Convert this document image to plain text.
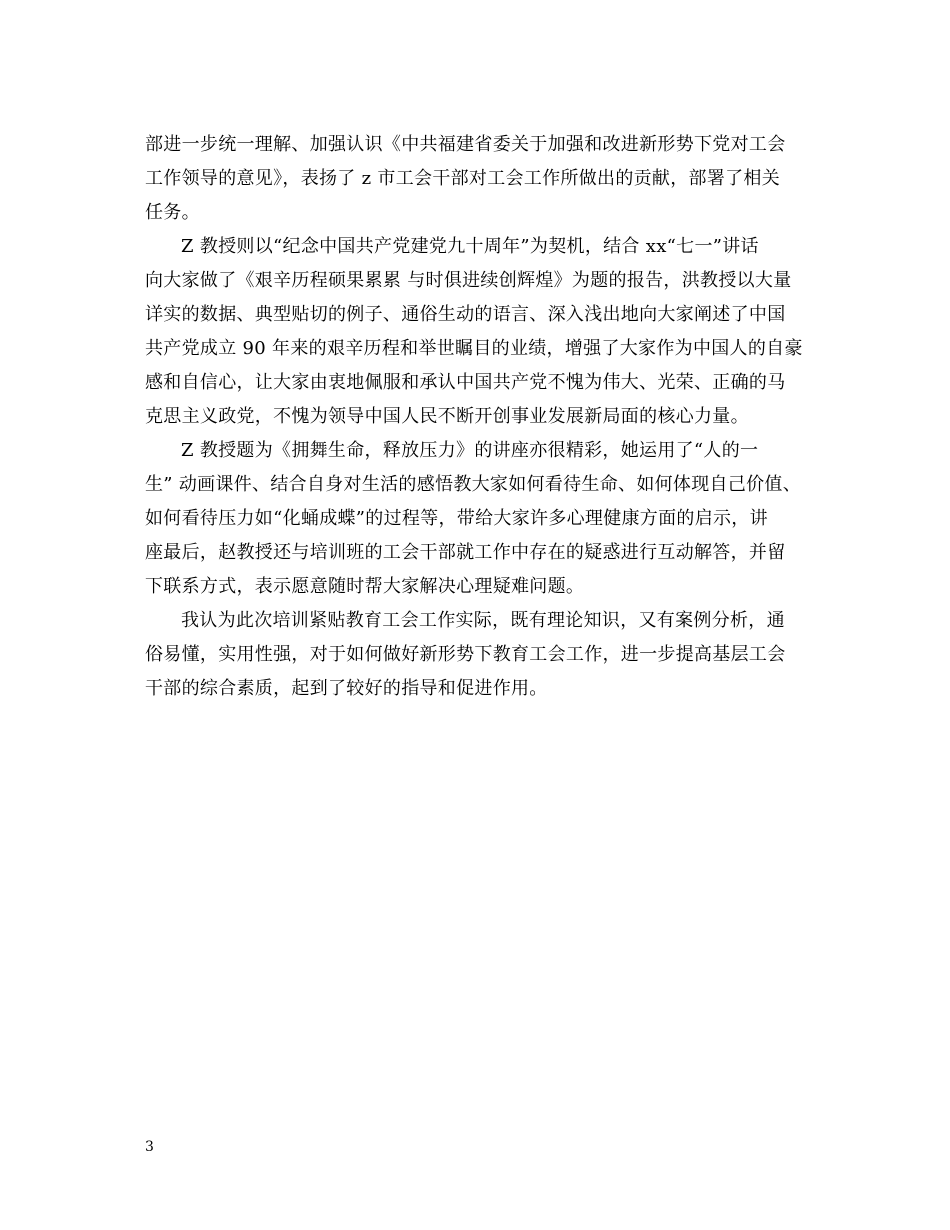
部进一步统一理解、加强认识《中共福建省委关于加强和改进新形势下党对工会
工作领导的意见》，表扬了 z 市工会干部对工会工作所做出的贡献，部署了相关
任务。
Z 教授则以“纪念中国共产党建党九十周年”为契机，结合 xx“七一”讲话
向大家做了《艰辛历程硕果累累 与时俱进续创辉煌》为题的报告，洪教授以大量
详实的数据、典型贴切的例子、通俗生动的语言、深入浅出地向大家阐述了中国
共产党成立 90 年来的艰辛历程和举世瞩目的业绩，增强了大家作为中国人的自豪
感和自信心，让大家由衷地佩服和承认中国共产党不愧为伟大、光荣、正确的马
克思主义政党，不愧为领导中国人民不断开创事业发展新局面的核心力量。
Z 教授题为《拥舞生命，释放压力》的讲座亦很精彩，她运用了“人的一
生” 动画课件、结合自身对生活的感悟教大家如何看待生命、如何体现自己价值、
如何看待压力如“化蛹成蝶”的过程等，带给大家许多心理健康方面的启示，讲
座最后，赵教授还与培训班的工会干部就工作中存在的疑惑进行互动解答，并留
下联系方式，表示愿意随时帮大家解决心理疑难问题。
我认为此次培训紧贴教育工会工作实际，既有理论知识，又有案例分析，通
俗易懂，实用性强，对于如何做好新形势下教育工会工作，进一步提高基层工会
干部的综合素质，起到了较好的指导和促进作用。
3
